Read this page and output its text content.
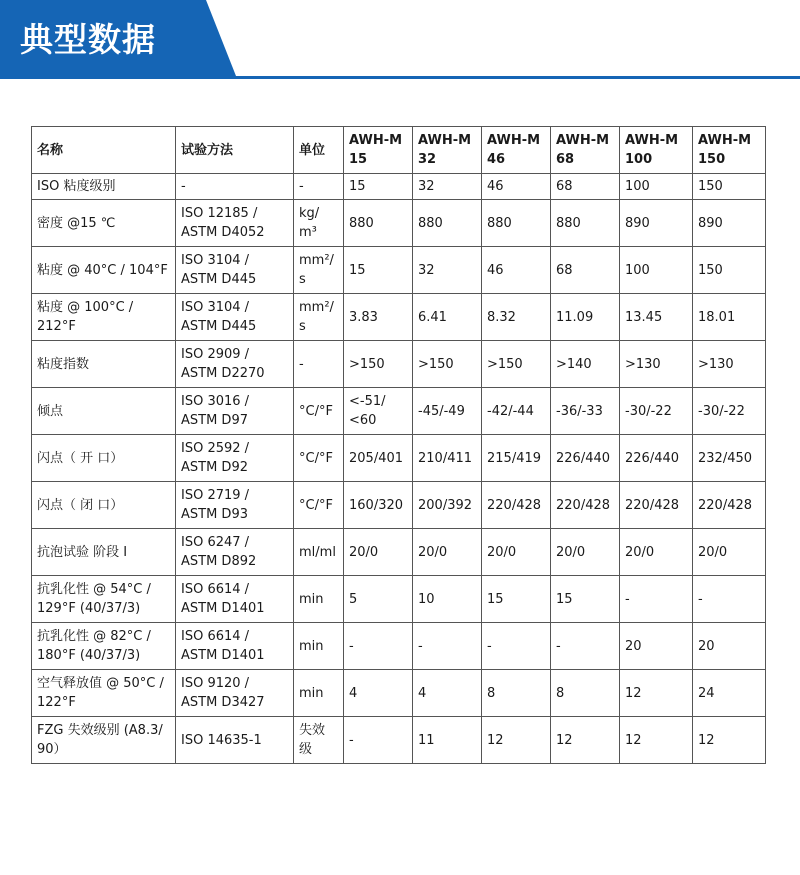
典型数据
名称	试验方法	单位	AWH-M 15	AWH-M 32	AWH-M 46	AWH-M 68	AWH-M 100	AWH-M 150
ISO 粘度级别	-	-	15	32	46	68	100	150
密度 @15 ℃	ISO 12185 / ASTM D4052	kg/ m³	880	880	880	880	890	890
粘度 @ 40°C / 104°F	ISO 3104 / ASTM D445	mm²/ s	15	32	46	68	100	150
粘度 @ 100°C / 212°F	ISO 3104 / ASTM D445	mm²/ s	3.83	6.41	8.32	11.09	13.45	18.01
粘度指数	ISO 2909 / ASTM D2270	-	>150	>150	>150	>140	>130	>130
倾点	ISO 3016 / ASTM D97	°C/°F	<-51/ <60	-45/-49	-42/-44	-36/-33	-30/-22	-30/-22
闪点（ 开 口）	ISO 2592 / ASTM D92	°C/°F	205/401	210/411	215/419	226/440	226/440	232/450
闪点（ 闭 口）	ISO 2719 / ASTM D93	°C/°F	160/320	200/392	220/428	220/428	220/428	220/428
抗泡试验 阶段 I	ISO 6247 / ASTM D892	ml/ml	20/0	20/0	20/0	20/0	20/0	20/0
抗乳化性 @ 54°C / 129°F (40/37/3)	ISO 6614 / ASTM D1401	min	5	10	15	15	-	-
抗乳化性 @ 82°C / 180°F (40/37/3)	ISO 6614 / ASTM D1401	min	-	-	-	-	20	20
空气释放值 @ 50°C / 122°F	ISO 9120 / ASTM D3427	min	4	4	8	8	12	24
FZG 失效级别 (A8.3/ 90）	ISO 14635-1	失效 级	-	11	12	12	12	12
